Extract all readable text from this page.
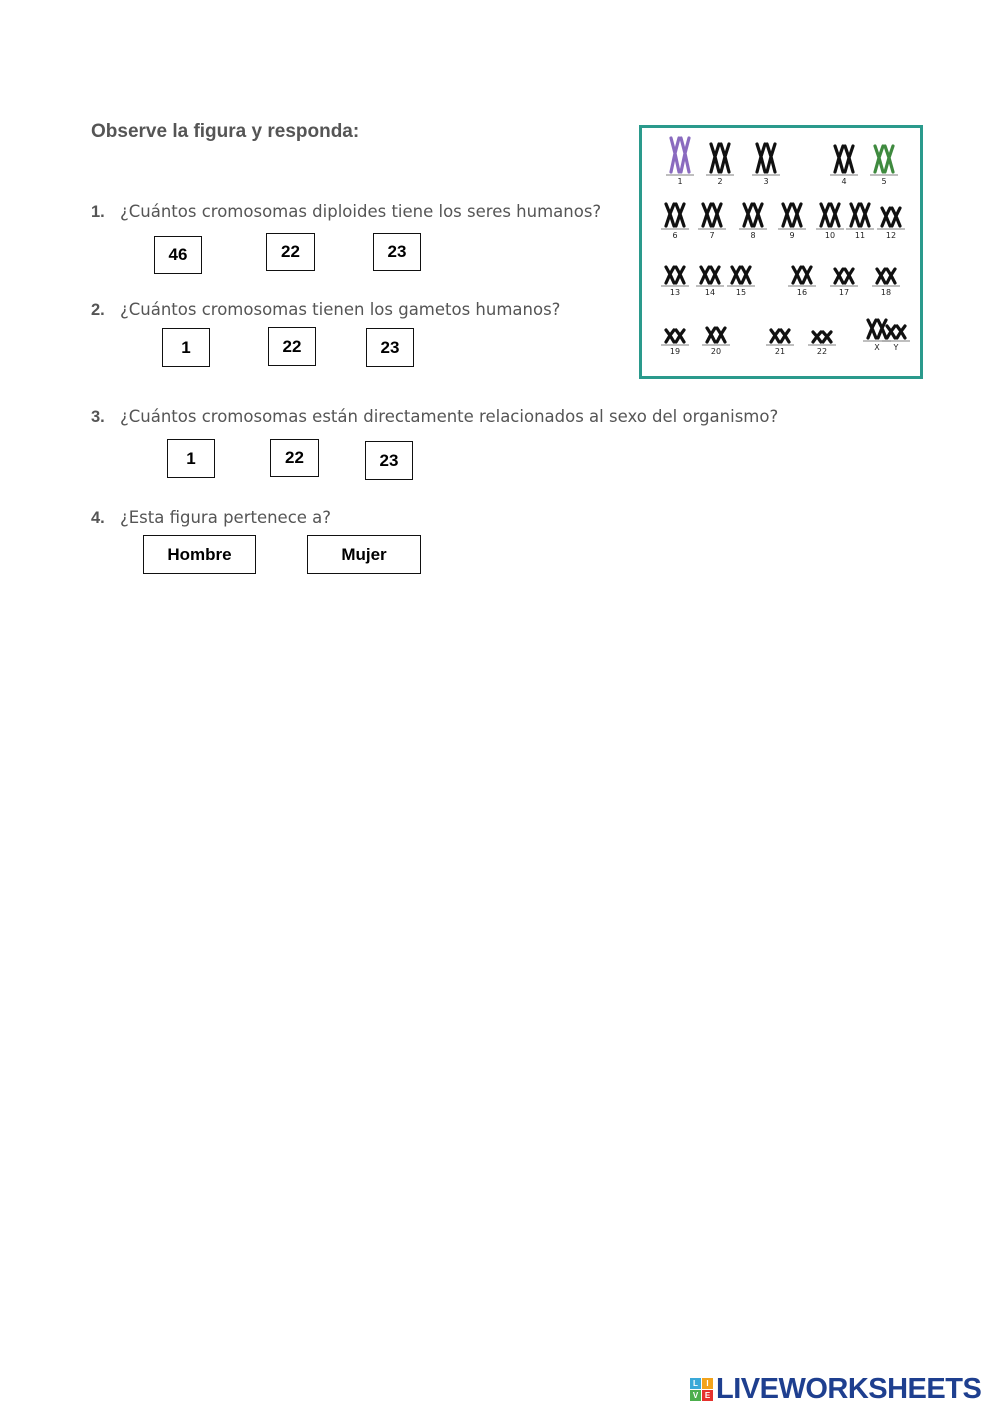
Observe la figura y responda:
1. ¿Cuántos cromosomas diploides tiene los seres humanos?
46	22	23
2. ¿Cuántos cromosomas tienen los gametos humanos?
1	22	23
3. ¿Cuántos cromosomas están directamente relacionados al sexo del organismo?
1	22	23
4. ¿Esta figura pertenece a?
Hombre	Mujer
1	2	3	4	5
6	7	8	9	10 11	12
13	14	15	16	17	18
19	20	21	22	X Y
L	I
V E LIVEWORKSHEETS
